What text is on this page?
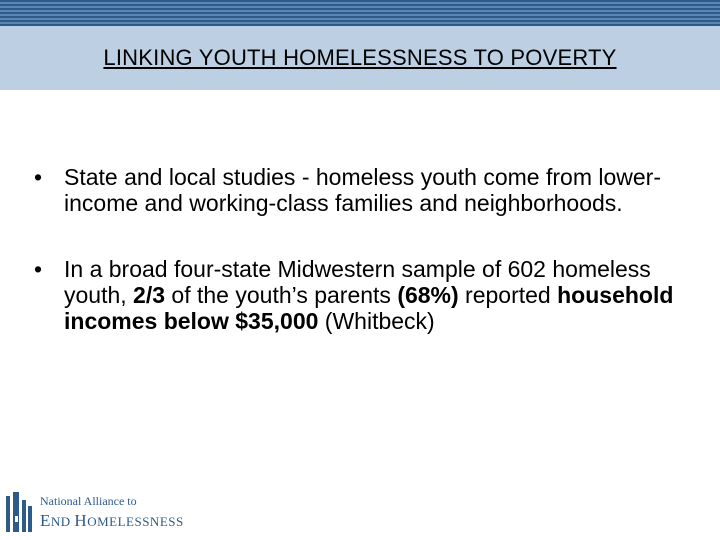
LINKING YOUTH HOMELESSNESS TO POVERTY
• State and local studies - homeless youth come from lower-income and working-class families and neighborhoods.
• In a broad four-state Midwestern sample of 602 homeless youth, 2/3 of the youth’s parents (68%) reported household incomes below $35,000 (Whitbeck)
National Alliance to
END HOMELESSNESS
